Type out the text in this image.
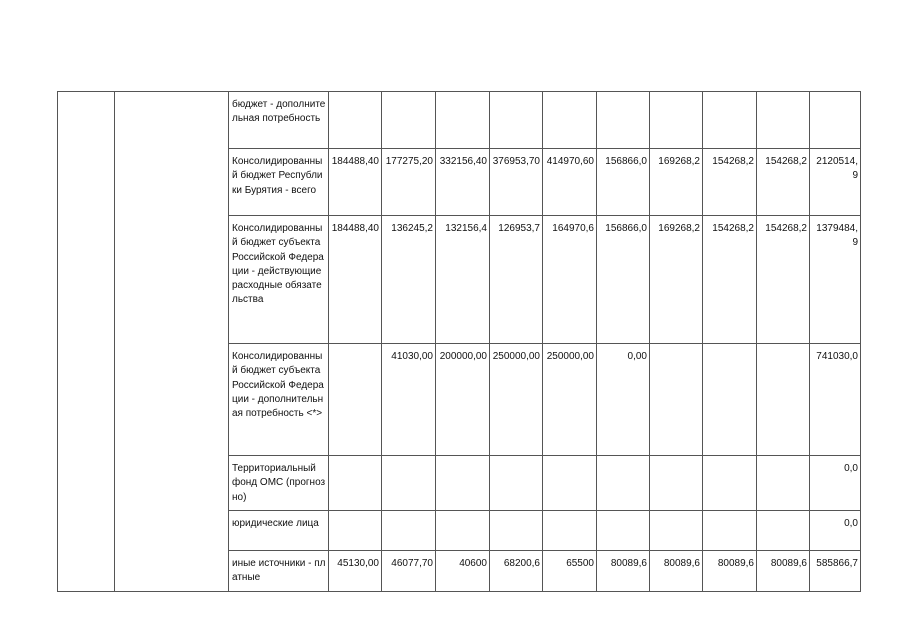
		бюджет - дополнительная потребность										
		Консолидированный бюджет Республики Бурятия - всего	184488,40	177275,20	332156,40	376953,70	414970,60	156866,0	169268,2	154268,2	154268,2	2120514,9
		Консолидированный бюджет субъекта Российской Федерации - действующие расходные обязательства	184488,40	136245,2	132156,4	126953,7	164970,6	156866,0	169268,2	154268,2	154268,2	1379484,9
		Консолидированный бюджет субъекта Российской Федерации - дополнительная потребность <*>		41030,00	200000,00	250000,00	250000,00	0,00				741030,0
		Территориальный фонд ОМС (прогнозно)										0,0
		юридические лица										0,0
		иные источники - платные	45130,00	46077,70	40600	68200,6	65500	80089,6	80089,6	80089,6	80089,6	585866,7
